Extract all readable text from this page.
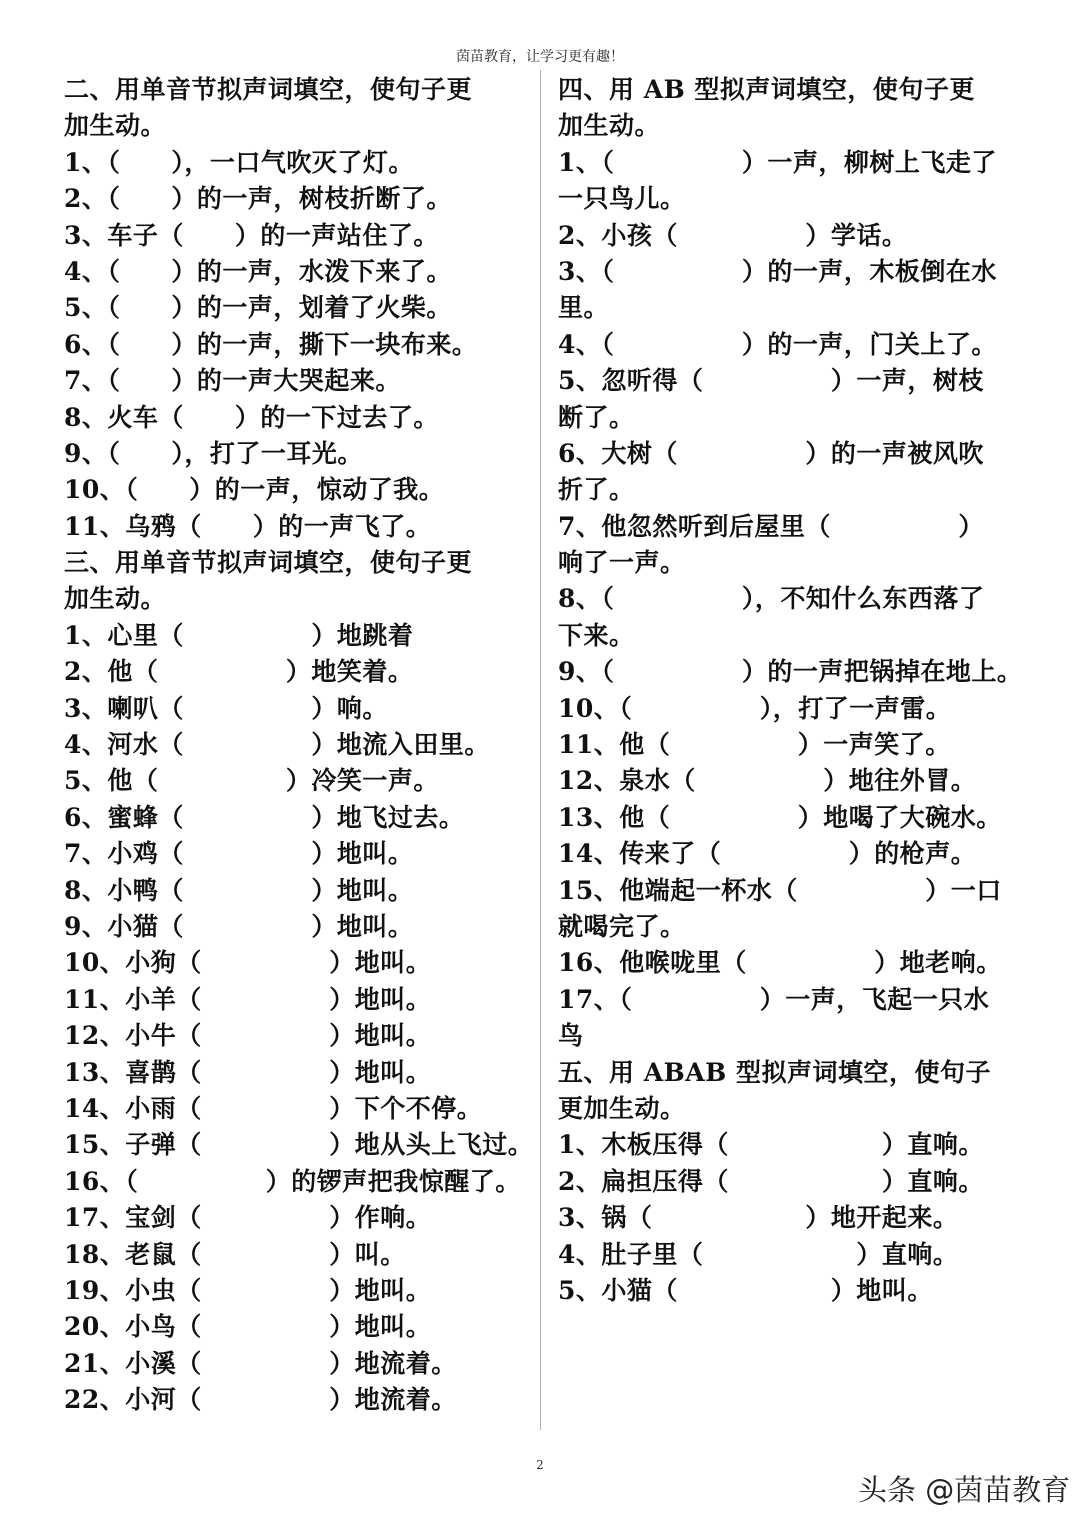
茵苗教育，让学习更有趣！
二、用单音节拟声词填空，使句子更
加生动。
1、（　　），一口气吹灭了灯。
2、（　　）的一声，树枝折断了。
3、车子（　　）的一声站住了。
4、（　　）的一声，水泼下来了。
5、（　　）的一声，划着了火柴。
6、（　　）的一声，撕下一块布来。
7、（　　）的一声大哭起来。
8、火车（　　）的一下过去了。
9、（　　），打了一耳光。
10、（　　）的一声，惊动了我。
11、乌鸦（　　）的一声飞了。
三、用单音节拟声词填空，使句子更
加生动。
1、心里（　　　　　）地跳着
2、他（　　　　　）地笑着。
3、喇叭（　　　　　）响。
4、河水（　　　　　）地流入田里。
5、他（　　　　　）冷笑一声。
6、蜜蜂（　　　　　）地飞过去。
7、小鸡（　　　　　）地叫。
8、小鸭（　　　　　）地叫。
9、小猫（　　　　　）地叫。
10、小狗（　　　　　）地叫。
11、小羊（　　　　　）地叫。
12、小牛（　　　　　）地叫。
13、喜鹊（　　　　　）地叫。
14、小雨（　　　　　）下个不停。
15、子弹（　　　　　）地从头上飞过。
16、（　　　　　）的锣声把我惊醒了。
17、宝剑（　　　　　）作响。
18、老鼠（　　　　　）叫。
19、小虫（　　　　　）地叫。
20、小鸟（　　　　　）地叫。
21、小溪（　　　　　）地流着。
22、小河（　　　　　）地流着。
四、用 AB 型拟声词填空，使句子更
加生动。
1、（　　　　　）一声，柳树上飞走了
一只鸟儿。
2、小孩（　　　　　）学话。
3、（　　　　　）的一声，木板倒在水
里。
4、（　　　　　）的一声，门关上了。
5、忽听得（　　　　　）一声，树枝
断了。
6、大树（　　　　　）的一声被风吹
折了。
7、他忽然听到后屋里（　　　　　）
响了一声。
8、（　　　　　），不知什么东西落了
下来。
9、（　　　　　）的一声把锅掉在地上。
10、（　　　　　），打了一声雷。
11、他（　　　　　）一声笑了。
12、泉水（　　　　　）地往外冒。
13、他（　　　　　）地喝了大碗水。
14、传来了（　　　　　）的枪声。
15、他端起一杯水（　　　　　）一口
就喝完了。
16、他喉咙里（　　　　　）地老响。
17、（　　　　　）一声，飞起一只水
鸟
五、用 ABAB 型拟声词填空，使句子
更加生动。
1、木板压得（　　　　　　）直响。
2、扁担压得（　　　　　　）直响。
3、锅（　　　　　　）地开起来。
4、肚子里（　　　　　　）直响。
5、小猫（　　　　　　）地叫。
2
头条 @茵苗教育
